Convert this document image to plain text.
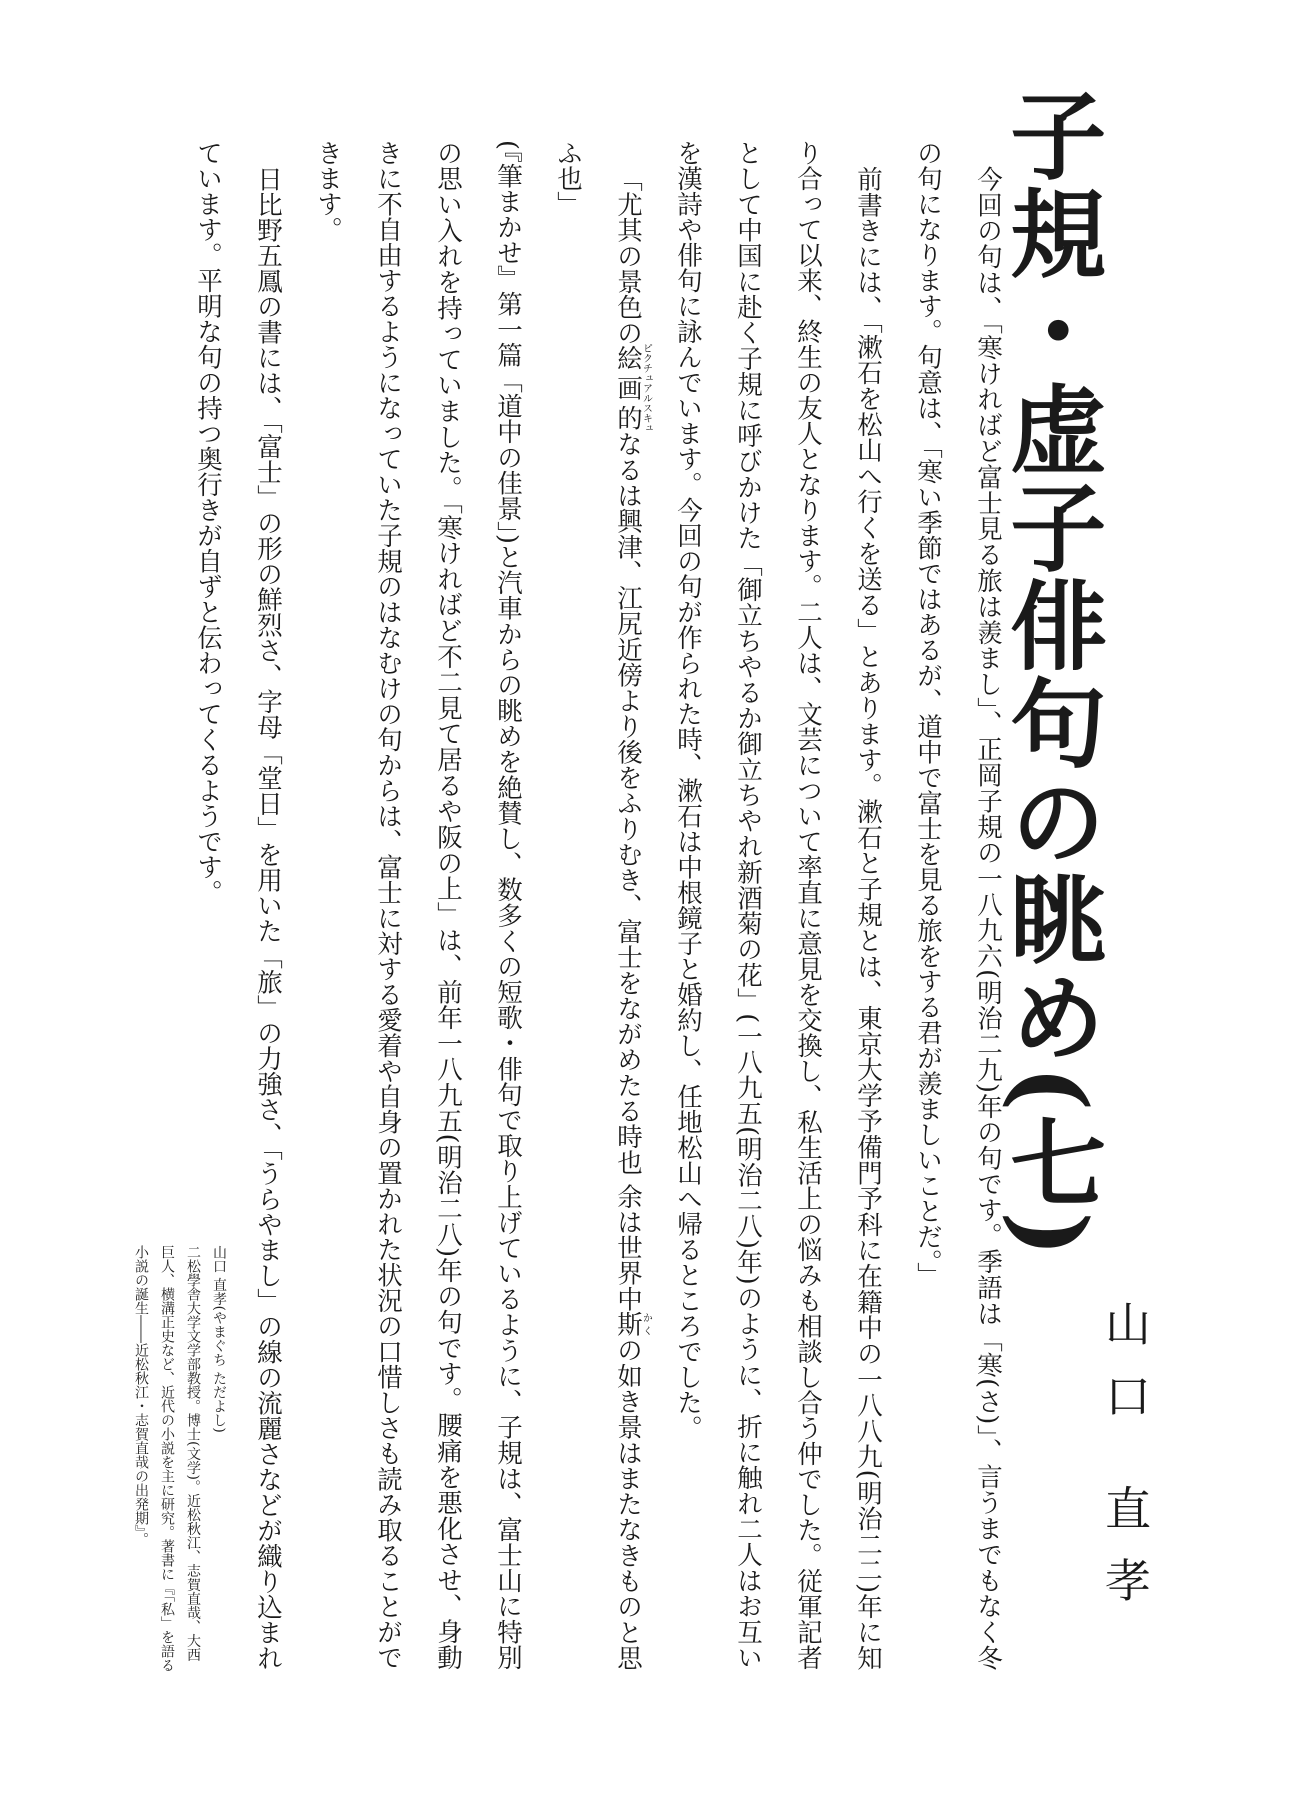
子規・虚子俳句の眺め(七)
山口 直孝

今回の句は、「寒ければど富士見る旅は羨まし」、正岡子規の一八九六(明治二九)年の句です。季語は「寒(さ)」、言うまでもなく冬の句になります。句意は、「寒い季節ではあるが、道中で富士を見る旅をする君が羨ましいことだ。」

前書きには、「漱石を松山へ行くを送る」とあります。漱石と子規とは、東京大学予備門予科に在籍中の一八八九(明治二二)年に知り合って以来、終生の友人となります。二人は、文芸について率直に意見を交換し、私生活上の悩みも相談し合う仲でした。従軍記者として中国に赴く子規に呼びかけた「御立ちやるか御立ちやれ新酒菊の花」(一八九五(明治二八)年)のように、折に触れ二人はお互いを漢詩や俳句に詠んでいます。今回の句が作られた時、漱石は中根鏡子と婚約し、任地松山へ帰るところでした。

「尤其の景色の絵画的ピクチュアルスキュなるは興津、江尻近傍より後をふりむき、富士をながめたる時也 余は世界中斯かくの如き景はまたなきものと思ふ也」

(『筆まかせ』第一篇「道中の佳景」)と汽車からの眺めを絶賛し、数多くの短歌・俳句で取り上げているように、子規は、富士山に特別の思い入れを持っていました。「寒ければど不二見て居るや阪の上」は、前年一八九五(明治二八)年の句です。腰痛を悪化させ、身動きに不自由するようになっていた子規のはなむけの句からは、富士に対する愛着や自身の置かれた状況の口惜しさも読み取ることができます。

日比野五鳳の書には、「富士」の形の鮮烈さ、字母「堂日」を用いた「旅」の力強さ、「うらやまし」の線の流麗さなどが織り込まれています。平明な句の持つ奥行きが自ずと伝わってくるようです。

山口 直孝(やまぐち ただよし)

二松學舎大学文学部教授。博士(文学)。近松秋江、志賀直哉、大西巨人、横溝正史など、近代の小説を主に研究。著書に『「私」を語る小説の誕生――近松秋江・志賀直哉の出発期』。
